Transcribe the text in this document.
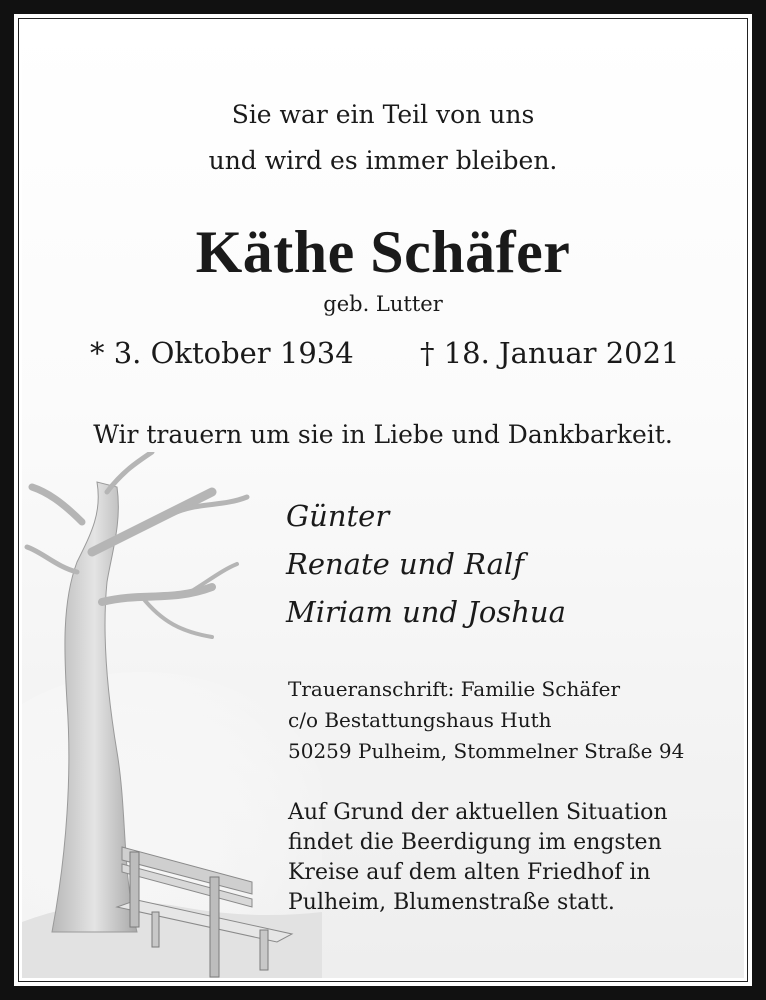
Sie war ein Teil von uns
und wird es immer bleiben.
Käthe Schäfer
geb. Lutter
* 3. Oktober 1934 † 18. Januar 2021
Wir trauern um sie in Liebe und Dankbarkeit.
Günter
Renate und Ralf
Miriam und Joshua
Traueranschrift: Familie Schäfer
c/o Bestattungshaus Huth
50259 Pulheim, Stommelner Straße 94
Auf Grund der aktuellen Situation
findet die Beerdigung im engsten
Kreise auf dem alten Friedhof in
Pulheim, Blumenstraße statt.
